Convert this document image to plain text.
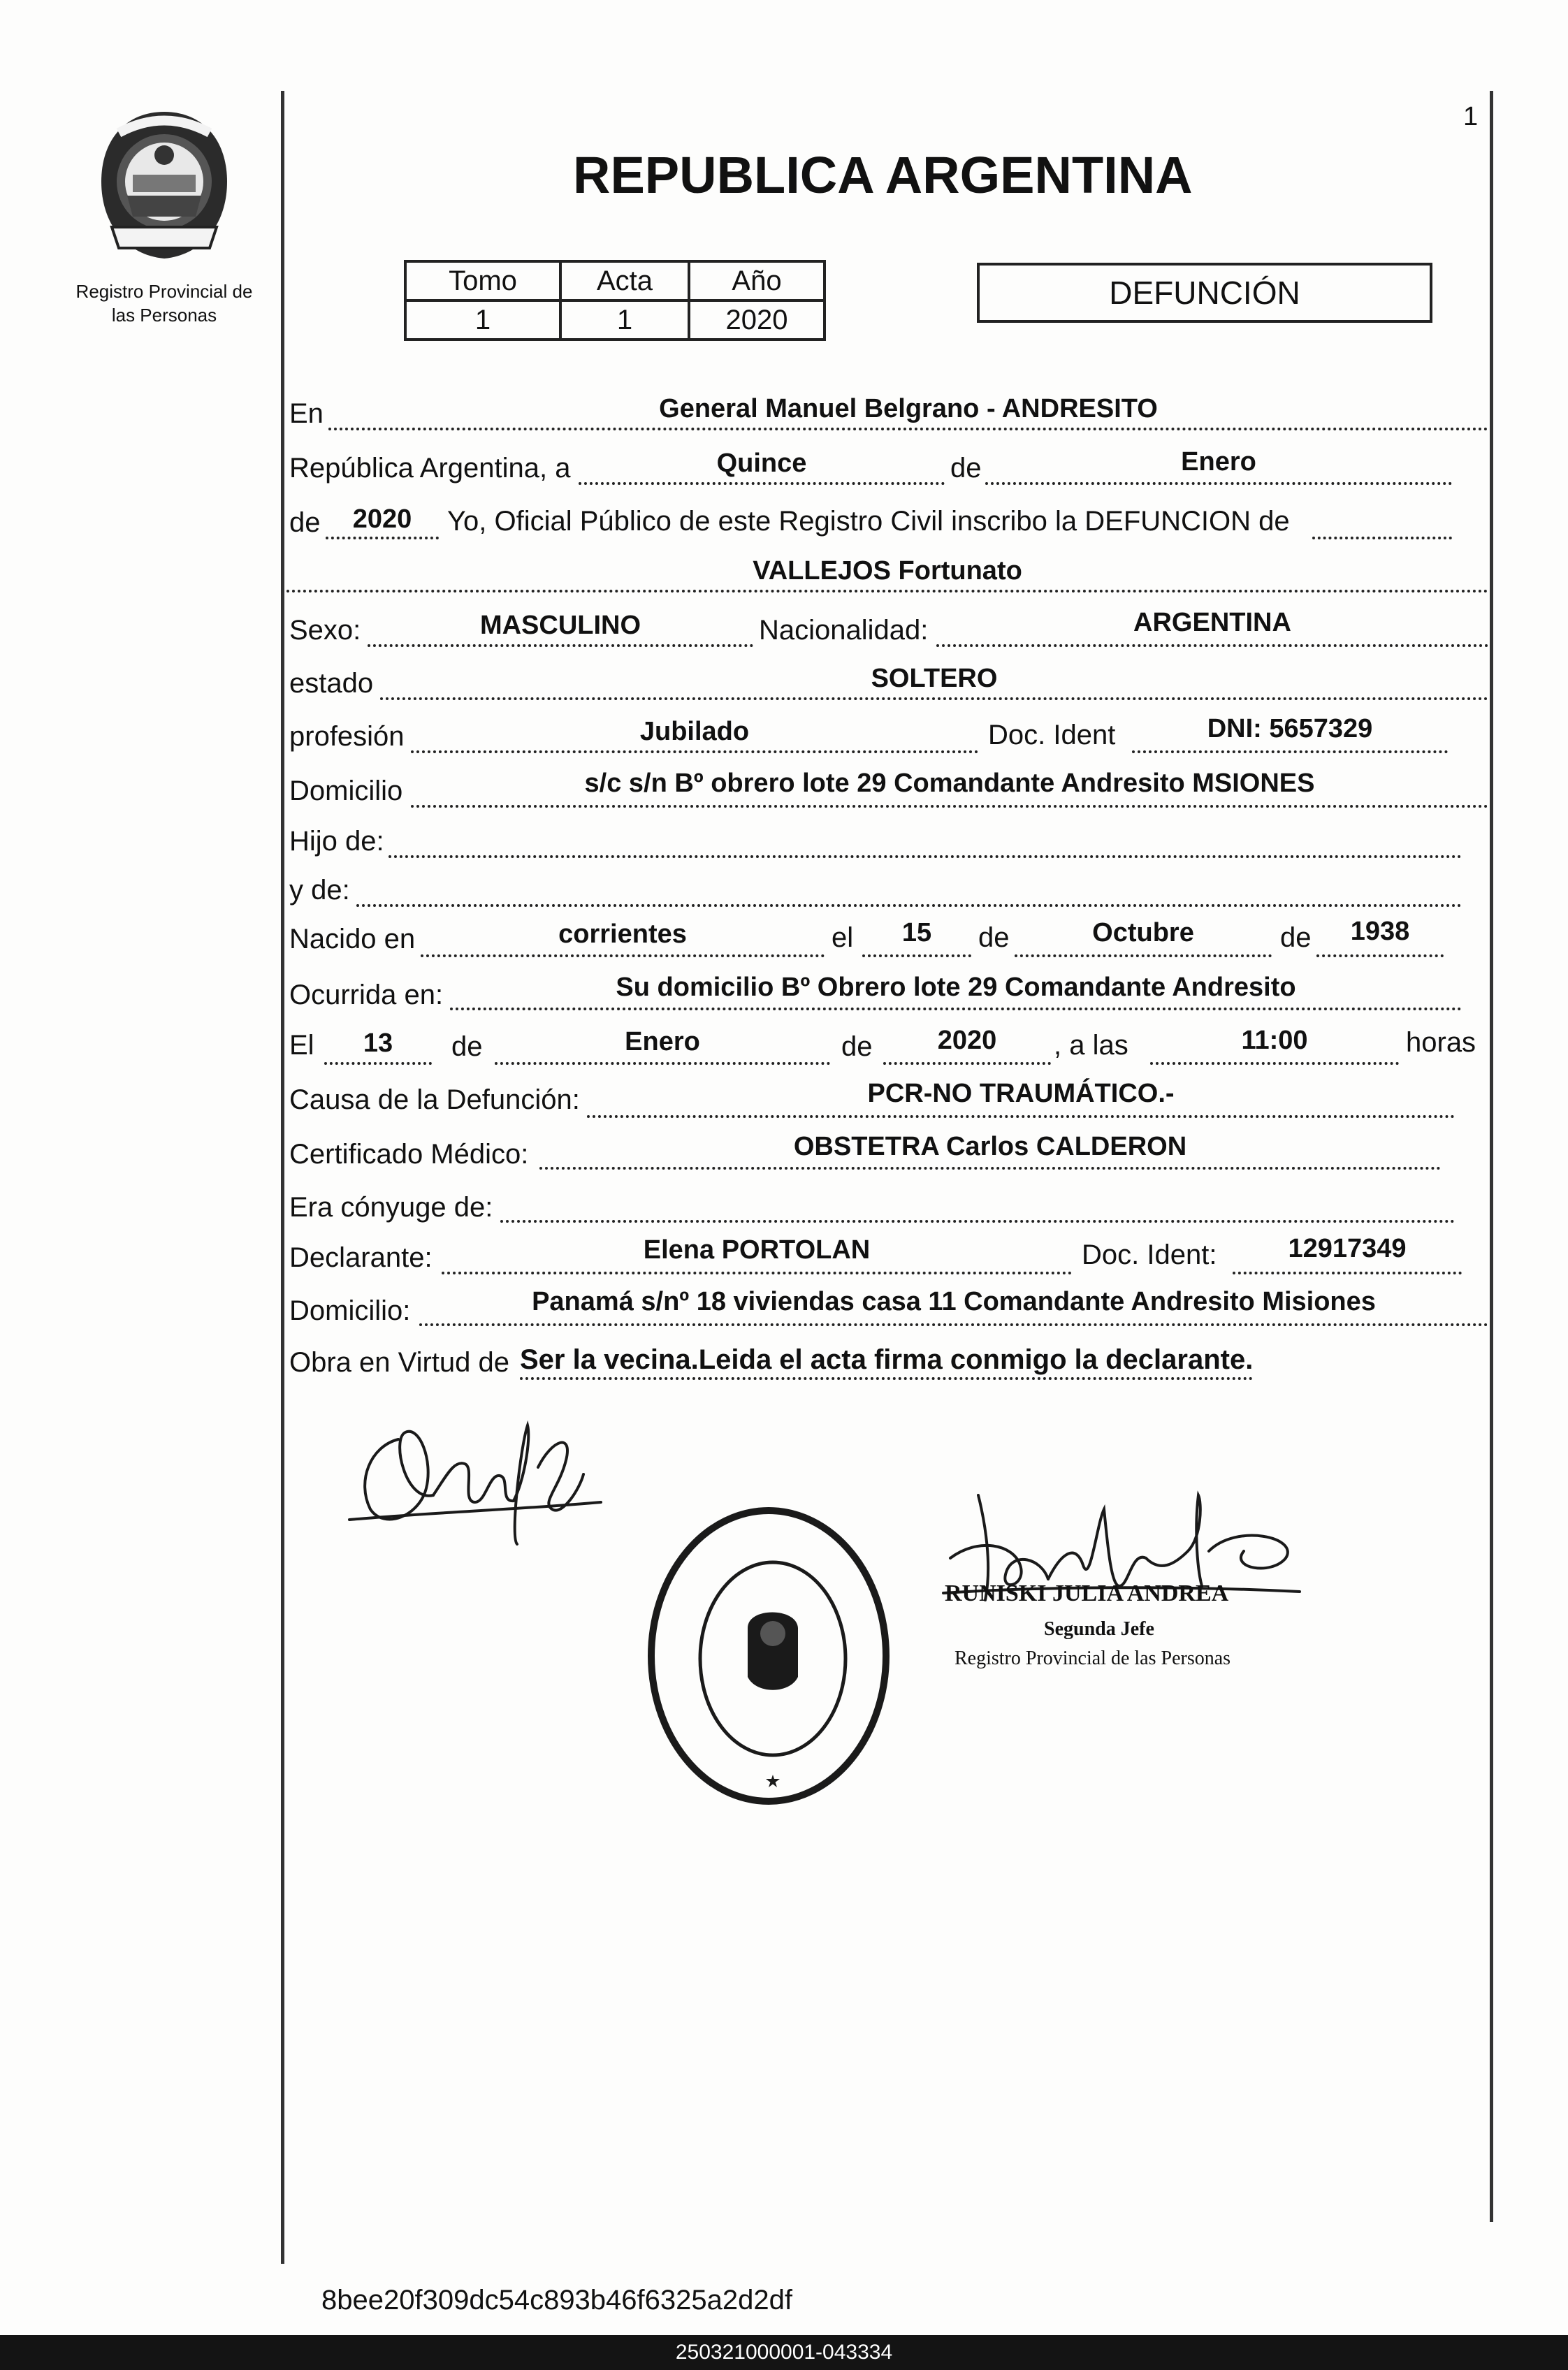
1
Registro Provincial de
las Personas
REPUBLICA ARGENTINA
Tomo	Acta	Año
1	1	2020
DEFUNCIÓN
En	General Manuel Belgrano - ANDRESITO
República Argentina, a	Quince	de	Enero
de	2020	Yo, Oficial Público de este Registro Civil inscribo la DEFUNCION de
VALLEJOS Fortunato
Sexo:	MASCULINO	Nacionalidad:	ARGENTINA
estado	SOLTERO
profesión	Jubilado	Doc. Ident	DNI: 5657329
Domicilio	s/c s/n Bº obrero lote 29 Comandante Andresito MSIONES
Hijo de:
y de:
Nacido en	corrientes	el	15	de	Octubre	de	1938
Ocurrida en:	Su domicilio Bº Obrero lote 29 Comandante Andresito
El	13	de	Enero	de	2020	, a las	11:00	horas
Causa de la Defunción:	PCR-NO TRAUMÁTICO.-
Certificado Médico:	OBSTETRA Carlos CALDERON
Era cónyuge de:
Declarante:	Elena PORTOLAN	Doc. Ident:	12917349
Domicilio:	Panamá s/nº 18 viviendas casa 11 Comandante Andresito Misiones
Obra en Virtud de Ser la vecina.Leida el acta firma conmigo la declarante.
RUNISKI JULIA ANDREA
Segunda Jefe
Registro Provincial de las Personas
8bee20f309dc54c893b46f6325a2d2df
250321000001-043334
